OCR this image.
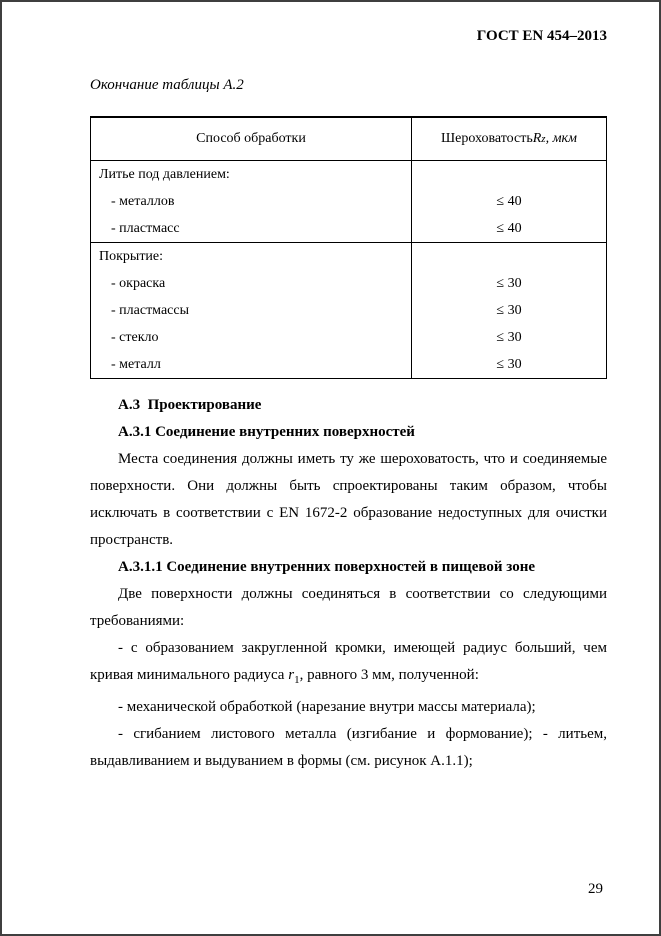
ГОСТ EN 454–2013
Окончание таблицы А.2
Способ обработки	Шероховатость R z , мкм
Литье под давлением:
- металлов	≤ 40
- пластмасс	≤ 40
Покрытие:
- окраска	≤ 30
- пластмассы	≤ 30
- стекло	≤ 30
- металл	≤ 30

А.3  Проектирование

А.3.1 Соединение внутренних поверхностей

Места соединения должны иметь ту же шероховатость, что и соединяемые поверхности. Они должны быть спроектированы таким образом, чтобы исключать в соответствии с EN 1672-2 образование недоступных для очистки пространств.

А.3.1.1 Соединение внутренних поверхностей в пищевой зоне

Две поверхности должны соединяться в соответствии со следующими требованиями:

- с образованием закругленной кромки, имеющей радиус больший, чем кривая минимального радиуса $r_1$, равного 3 мм, полученной:

- механической обработкой (нарезание внутри массы материала);

- сгибанием листового металла (изгибание и формование); - литьем, выдавливанием и выдуванием в формы (см. рисунок А.1.1);

29
